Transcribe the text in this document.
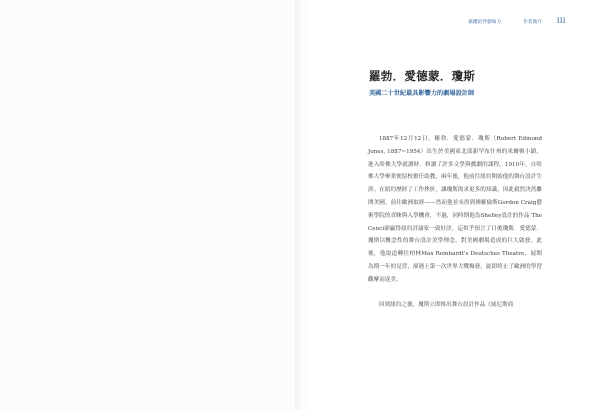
蘋蹤陪伴劇場力	作者簡介 iii
羅勃．愛德蒙．瓊斯
美國二十世紀最具影響力的劇場設計師

1887年12月12日，羅勃．愛德蒙．瓊斯（Robert Edmond Jones, 1887~1954）出生於美國東北部新罕布什州的米爾頓小鎮，進入哈佛大學就讀時，修讀了許多文學與戲劇的課程。1910年，自哈佛大學畢業便留校擔任助教，兩年後，他前往紐約開始他的舞台設計生涯。在紐約歷經了工作挫折，讓瓊斯渴求更多的知識，因此毅然決然離開美國，前往歐洲取經——然而他並未得到佛羅倫斯Gordon Craig藝術學院的青睞與入學機會，不過，同時期他為Shelley設計的作品 The Cenci卻贏得紐約評論家一致好評，這似乎預言了日後瓊斯．愛德蒙．瓊斯以概念性的舞台設計美學理念，對美國劇場造成的巨大啟發。此後，他取道轉往柏林Max Reinhardt's Deutsches Theatre，展開為期一年的見習，卻遇上第一次世界大戰爆發，旋即終止了歐洲的學習觀摩而返美。

回到紐約之後，瓊斯立即推出舞台設計作品《威尼斯商
